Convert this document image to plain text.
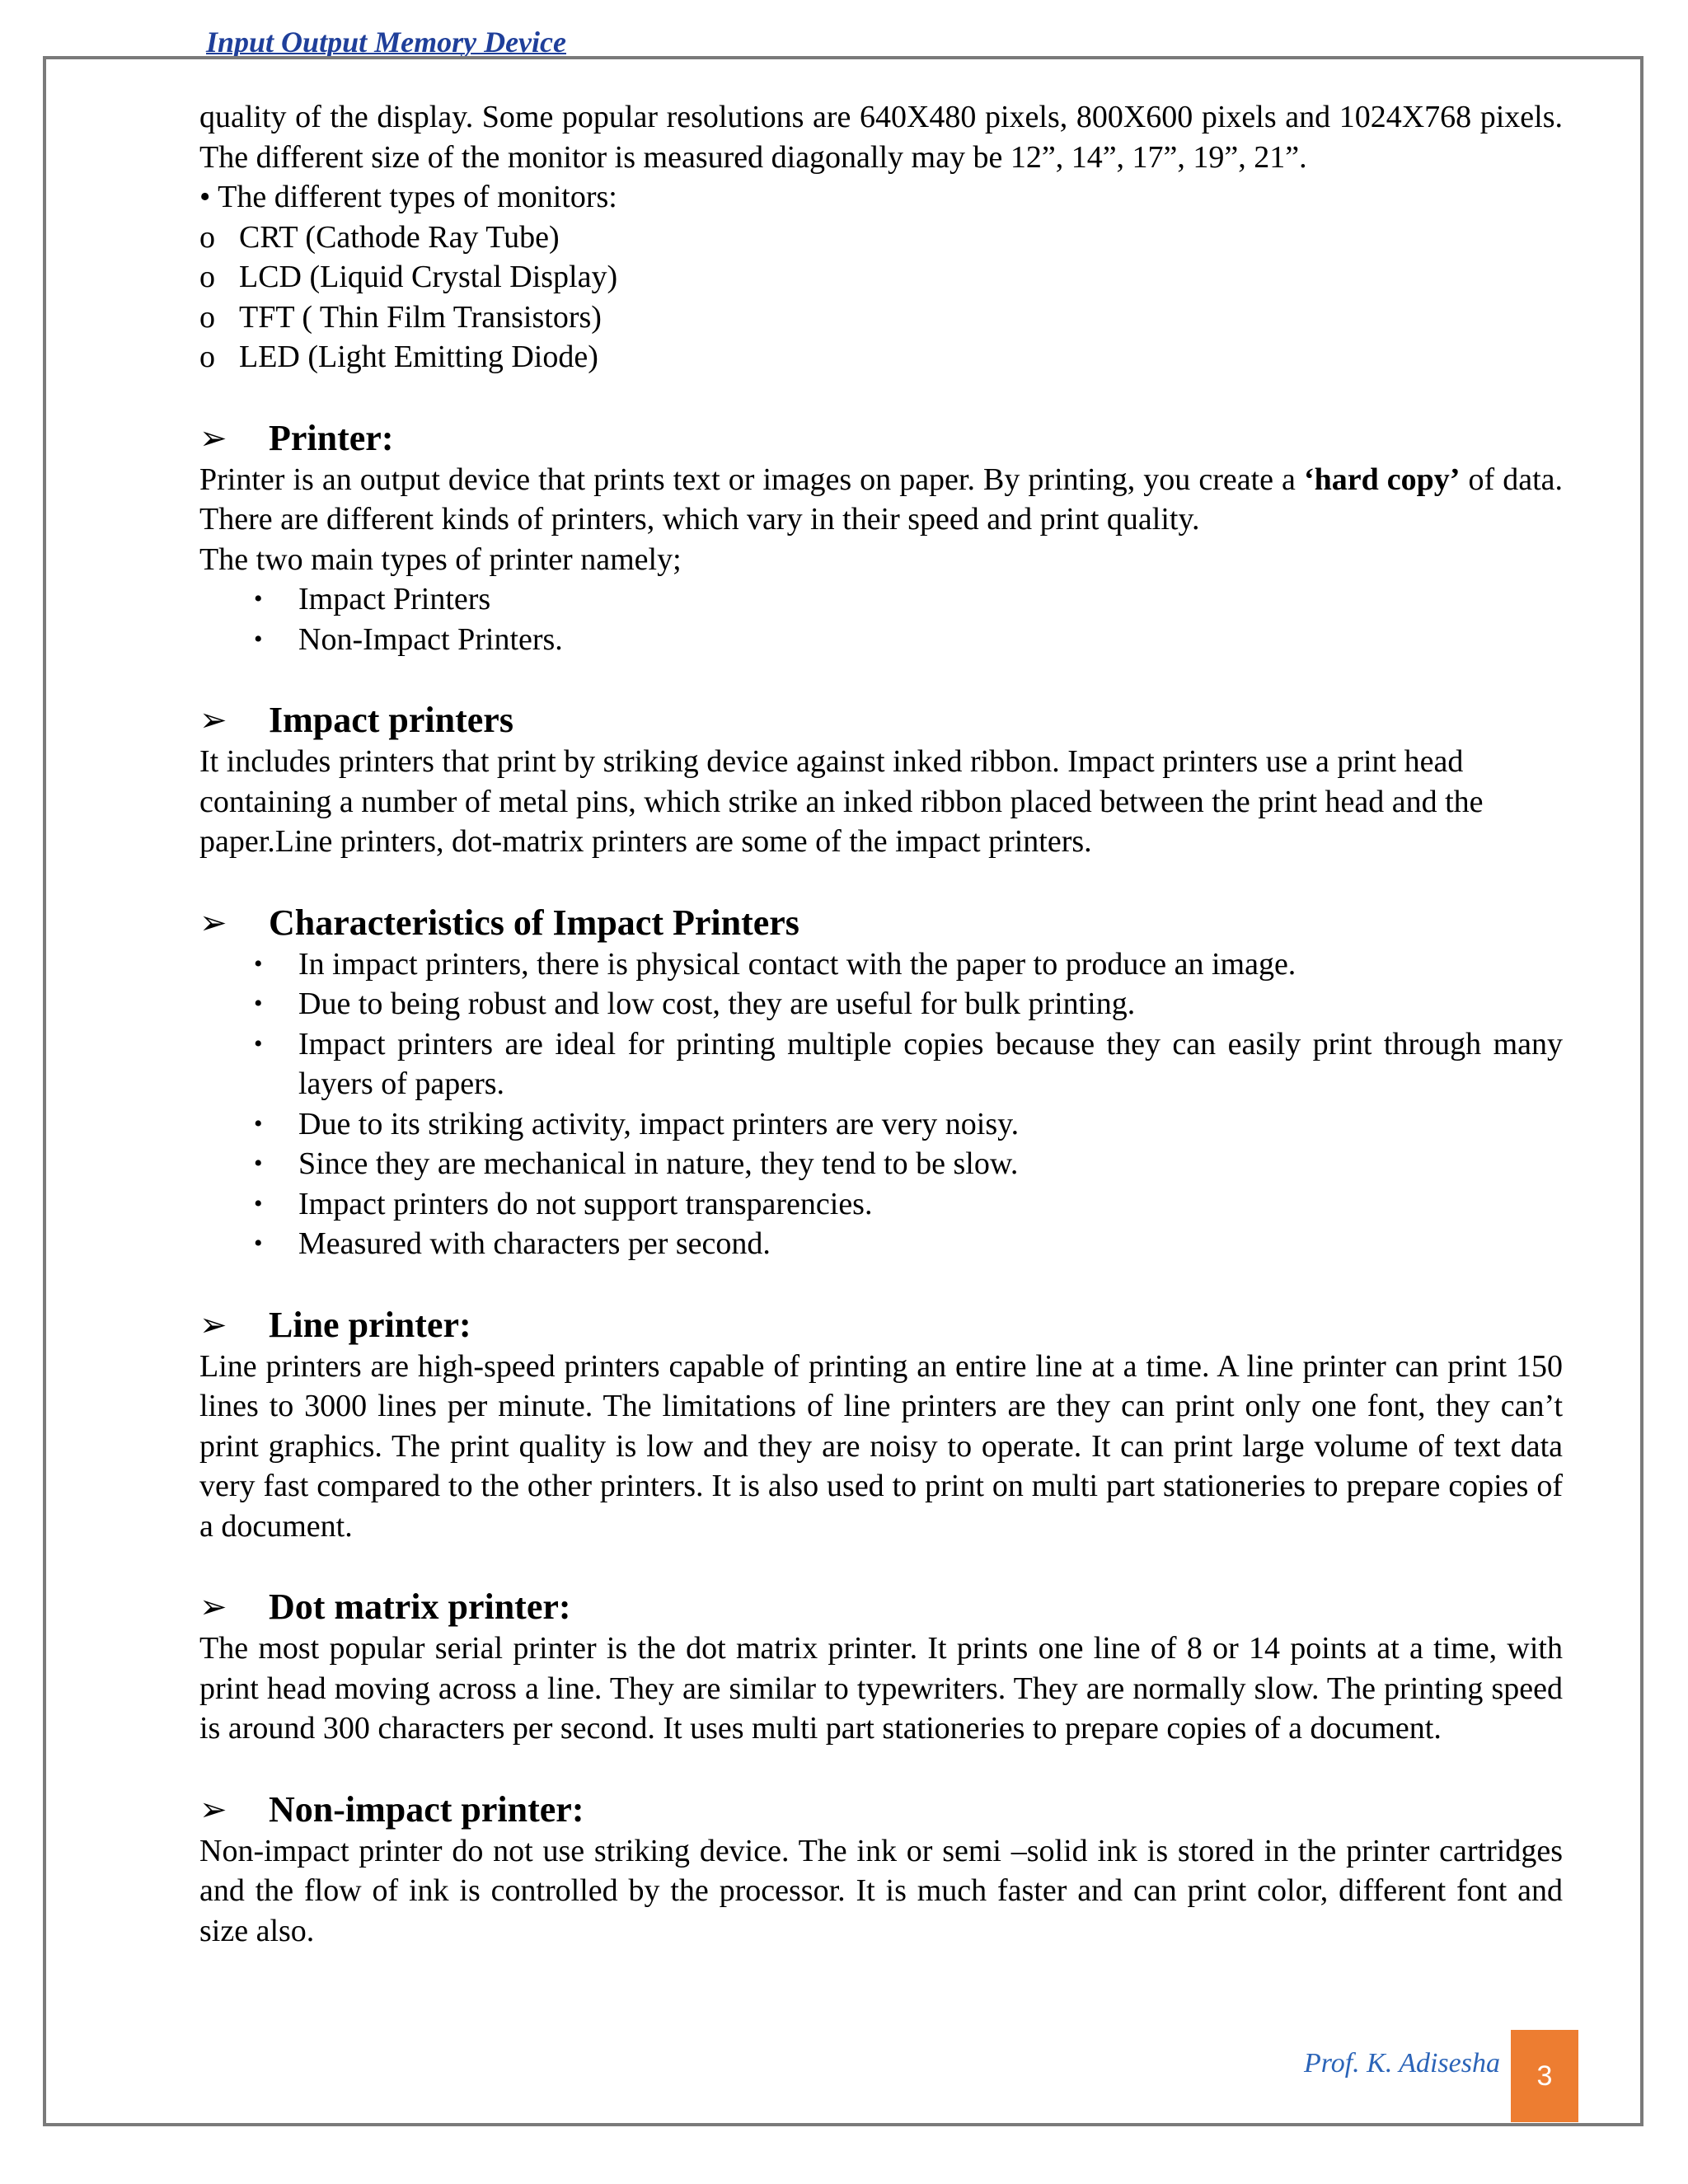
Input Output Memory Device

quality of the display. Some popular resolutions are 640X480 pixels, 800X600 pixels and 1024X768 pixels. The different size of the monitor is measured diagonally may be 12”, 14”, 17”, 19”, 21”.

• The different types of monitors:
o CRT (Cathode Ray Tube)
o LCD (Liquid Crystal Display)
o TFT ( Thin Film Transistors)
o LED (Light Emitting Diode)
➢	Printer:

Printer is an output device that prints text or images on paper. By printing, you create a ‘hard copy’ of data. There are different kinds of printers, which vary in their speed and print quality.

The two main types of printer namely;
•	Impact Printers
•	Non-Impact Printers.
➢	Impact printers

It includes printers that print by striking device against inked ribbon. Impact printers use a print head containing a number of metal pins, which strike an inked ribbon placed between the print head and the paper.Line printers, dot-matrix printers are some of the impact printers.

➢	Characteristics of Impact Printers
•	In impact printers, there is physical contact with the paper to produce an image.
•	Due to being robust and low cost, they are useful for bulk printing.
•	Impact printers are ideal for printing multiple copies because they can easily print through many layers of papers.
•	Due to its striking activity, impact printers are very noisy.
•	Since they are mechanical in nature, they tend to be slow.
•	Impact printers do not support transparencies.
•	Measured with characters per second.
➢	Line printer:

Line printers are high-speed printers capable of printing an entire line at a time. A line printer can print 150 lines to 3000 lines per minute. The limitations of line printers are they can print only one font, they can’t print graphics. The print quality is low and they are noisy to operate. It can print large volume of text data very fast compared to the other printers. It is also used to print on multi part stationeries to prepare copies of a document.

➢	Dot matrix printer:

The most popular serial printer is the dot matrix printer. It prints one line of 8 or 14 points at a time, with print head moving across a line. They are similar to typewriters. They are normally slow. The printing speed is around 300 characters per second. It uses multi part stationeries to prepare copies of a document.

➢	Non-impact printer:

Non-impact printer do not use striking device. The ink or semi –solid ink is stored in the printer cartridges and the flow of ink is controlled by the processor. It is much faster and can print color, different font and size also.

Prof. K. Adisesha 3
